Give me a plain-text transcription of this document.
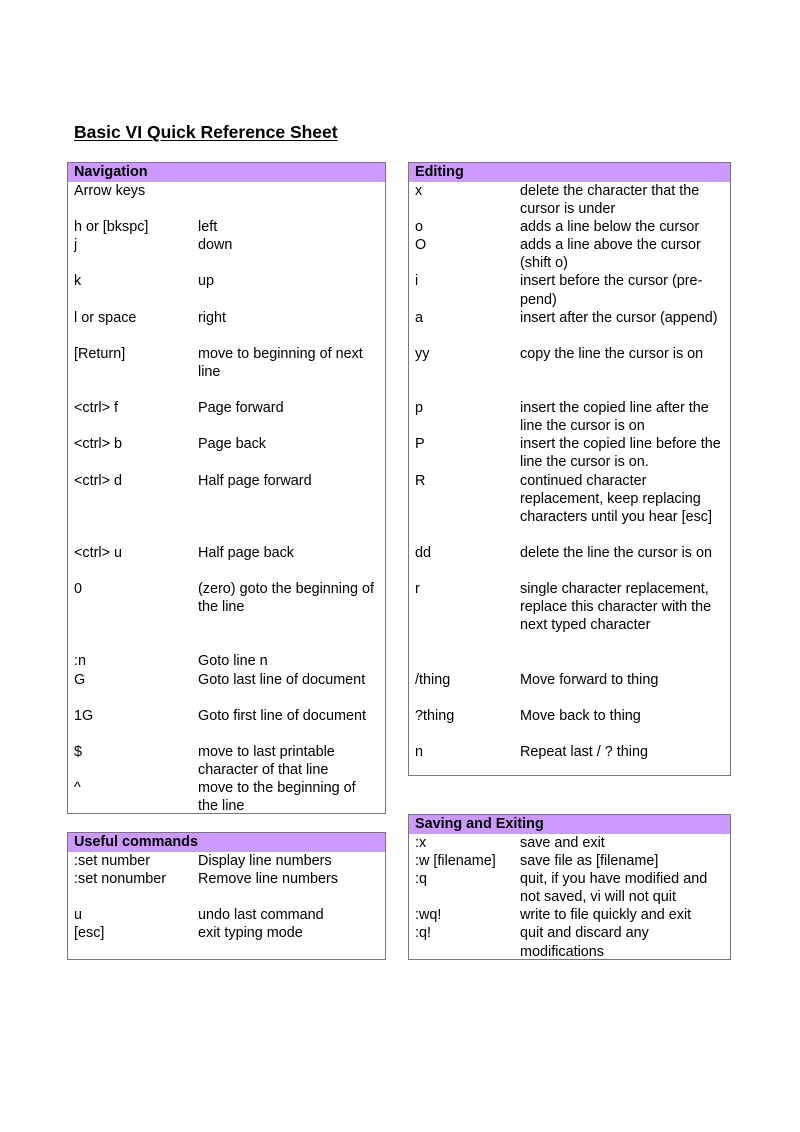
Basic VI Quick Reference Sheet
Navigation
Arrow keys
h or [bkspc]	left
j	down
k	up
l or space	right
[Return]	move to beginning of next line
<ctrl> f	Page forward
<ctrl> b	Page back
<ctrl> d	Half page forward
<ctrl> u	Half page back
0	(zero) goto the beginning of the line
:n	Goto line n
G	Goto last line of document
1G	Goto first line of document
$	move to last printable character of that line
^	move to the beginning of the line
Editing
x	delete the character that the cursor is under
o	adds a line below the cursor
O	adds a line above the cursor (shift o)
i	insert before the cursor (pre-pend)
a	insert after the cursor (append)
yy	copy the line the cursor is on
p	insert the copied line after the line the cursor is on
P	insert the copied line before the line the cursor is on.
R	continued character replacement, keep replacing characters until you hear [esc]
dd	delete the line the cursor is on
r	single character replacement, replace this character with the next typed character
/thing	Move forward to thing
?thing	Move back to thing
n	Repeat last / ? thing
Useful commands
:set number	Display line numbers
:set nonumber	Remove line numbers
u	undo last command
[esc]	exit typing mode
Saving and Exiting
:x	save and exit
:w [filename]	save file as [filename]
:q	quit, if you have modified and not saved, vi will not quit
:wq!	write to file quickly and exit
:q!	quit and discard any modifications
